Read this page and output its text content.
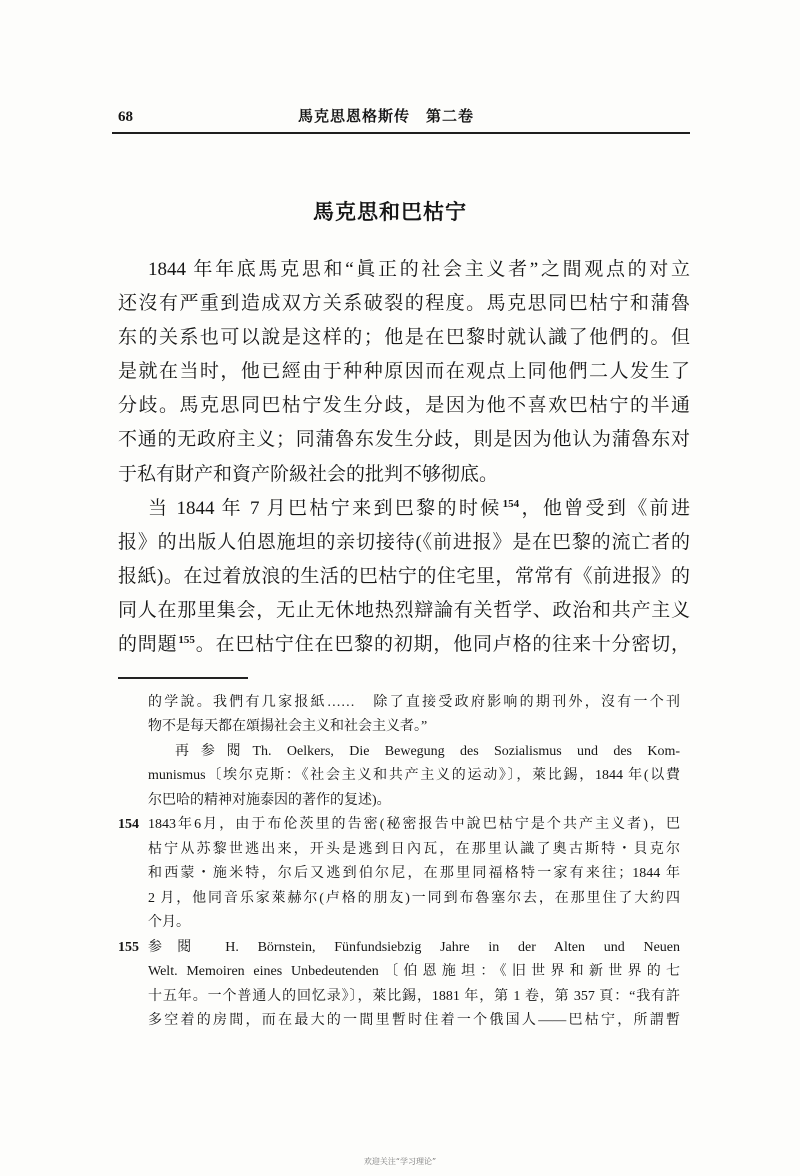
68	馬克思恩格斯传　第二卷
馬克思和巴枯宁
1844 年年底馬克思和“眞正的社会主义者”之間观点的对立
还沒有严重到造成双方关系破裂的程度。馬克思同巴枯宁和蒲魯
东的关系也可以說是这样的；他是在巴黎时就认識了他們的。但
是就在当时，他已經由于种种原因而在观点上同他們二人发生了
分歧。馬克思同巴枯宁发生分歧，是因为他不喜欢巴枯宁的半通
不通的无政府主义；同蒲魯东发生分歧，則是因为他认为蒲魯东对
于私有財产和資产阶級社会的批判不够彻底。
当 1844 年 7 月巴枯宁来到巴黎的时候$^{154}$，他曾受到《前进
报》的出版人伯恩施坦的亲切接待(《前进报》是在巴黎的流亡者的
报紙)。在过着放浪的生活的巴枯宁的住宅里，常常有《前进报》的
同人在那里集会，无止无休地热烈辯論有关哲学、政治和共产主义
的問題$^{155}$。在巴枯宁住在巴黎的初期，他同卢格的往来十分密切，
的学說。我們有几家报紙……　除了直接受政府影响的期刊外，沒有一个刊
物不是每天都在頌揚社会主义和社会主义者。”
再参閱Th. Oelkers, Die Bewegung des Sozialismus und des Kom-
munismus〔埃尔克斯：《社会主义和共产主义的运动》〕，萊比錫，1844 年(以費
尔巴哈的精神对施泰因的著作的复述)。
154 1843年6月，由于布伦茨里的告密(秘密报告中說巴枯宁是个共产主义者)，巴
枯宁从苏黎世逃出来，开头是逃到日內瓦，在那里认識了奧古斯特・貝克尔
和西蒙・施米特，尔后又逃到伯尔尼，在那里同福格特一家有来往；1844 年
2 月，他同音乐家萊赫尔(卢格的朋友)一同到布魯塞尔去，在那里住了大約四
个月。
155 参閱 H. Börnstein, Fünfundsiebzig Jahre in der Alten und Neuen
Welt. Memoiren eines Unbedeutenden〔伯恩施坦：《旧世界和新世界的七
十五年。一个普通人的回忆录》〕，萊比錫，1881 年，第 1 卷，第 357 頁：“我有許
多空着的房間，而在最大的一間里暫时住着一个俄国人——巴枯宁，所謂暫
欢迎关注“学习理论”
